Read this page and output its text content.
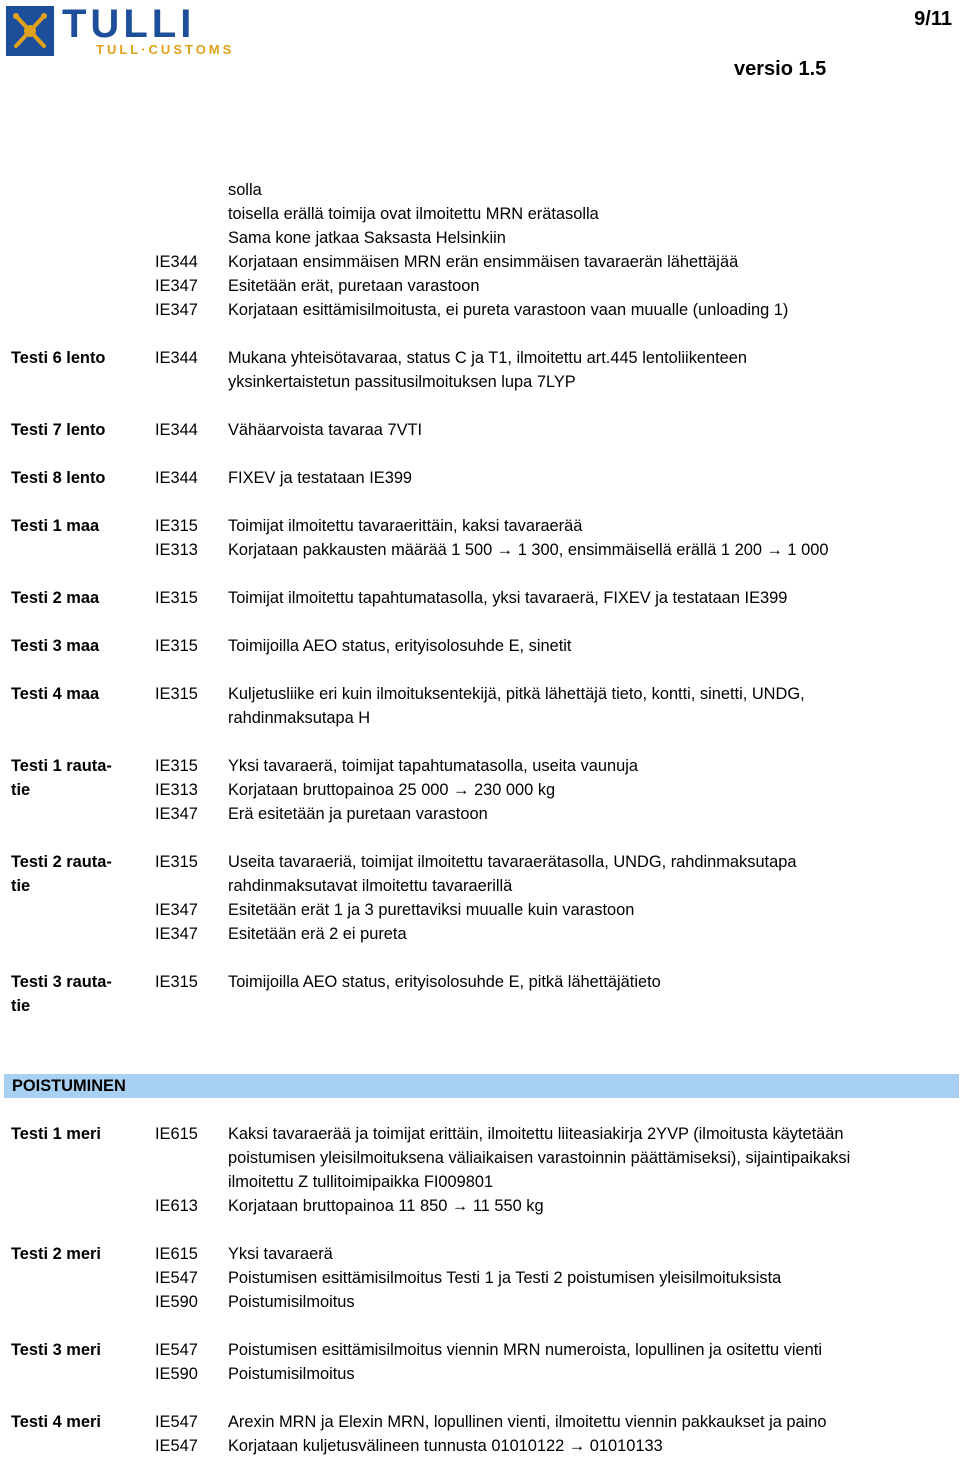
TULLI
TULL·CUSTOMS
9/11
versio 1.5
solla
toisella erällä toimija ovat ilmoitettu MRN erätasolla
Sama kone jatkaa Saksasta Helsinkiin
IE344 Korjataan ensimmäisen MRN erän ensimmäisen tavaraerän lähettäjää
IE347 Esitetään erät, puretaan varastoon
IE347 Korjataan esittämisilmoitusta, ei pureta varastoon vaan muualle (unloading 1)
Testi 6 lento	IE344 Mukana yhteisötavaraa, status C ja T1, ilmoitettu art.445 lentoliikenteen
yksinkertaistetun passitusilmoituksen lupa 7LYP
Testi 7 lento	IE344 Vähäarvoista tavaraa 7VTI
Testi 8 lento	IE344 FIXEV ja testataan IE399
Testi 1 maa	IE315 Toimijat ilmoitettu tavaraerittäin, kaksi tavaraerää
IE313 Korjataan pakkausten määrää 1 500 → 1 300, ensimmäisellä erällä 1 200 → 1 000
Testi 2 maa	IE315 Toimijat ilmoitettu tapahtumatasolla, yksi tavaraerä, FIXEV ja testataan IE399
Testi 3 maa	IE315 Toimijoilla AEO status, erityisolosuhde E, sinetit
Testi 4 maa	IE315 Kuljetusliike eri kuin ilmoituksentekijä, pitkä lähettäjä tieto, kontti, sinetti, UNDG,
rahdinmaksutapa H
Testi 1 rauta-	IE315 Yksi tavaraerä, toimijat tapahtumatasolla, useita vaunuja
tie	IE313 Korjataan bruttopainoa 25 000 → 230 000 kg
IE347 Erä esitetään ja puretaan varastoon
Testi 2 rauta-	IE315 Useita tavaraeriä, toimijat ilmoitettu tavaraerätasolla, UNDG, rahdinmaksutapa
tie	rahdinmaksutavat ilmoitettu tavaraerillä
IE347 Esitetään erät 1 ja 3 purettaviksi muualle kuin varastoon
IE347 Esitetään erä 2 ei pureta
Testi 3 rauta-	IE315 Toimijoilla AEO status, erityisolosuhde E, pitkä lähettäjätieto
tie
POISTUMINEN
Testi 1 meri	IE615 Kaksi tavaraerää ja toimijat erittäin, ilmoitettu liiteasiakirja 2YVP (ilmoitusta käytetään
poistumisen yleisilmoituksena väliaikaisen varastoinnin päättämiseksi), sijaintipaikaksi
ilmoitettu Z tullitoimipaikka FI009801
IE613 Korjataan bruttopainoa 11 850 → 11 550 kg
Testi 2 meri	IE615 Yksi tavaraerä
IE547 Poistumisen esittämisilmoitus Testi 1 ja Testi 2 poistumisen yleisilmoituksista
IE590 Poistumisilmoitus
Testi 3 meri	IE547 Poistumisen esittämisilmoitus viennin MRN numeroista, lopullinen ja ositettu vienti
IE590 Poistumisilmoitus
Testi 4 meri	IE547 Arexin MRN ja Elexin MRN, lopullinen vienti, ilmoitettu viennin pakkaukset ja paino
IE547 Korjataan kuljetusvälineen tunnusta 01010122 → 01010133
